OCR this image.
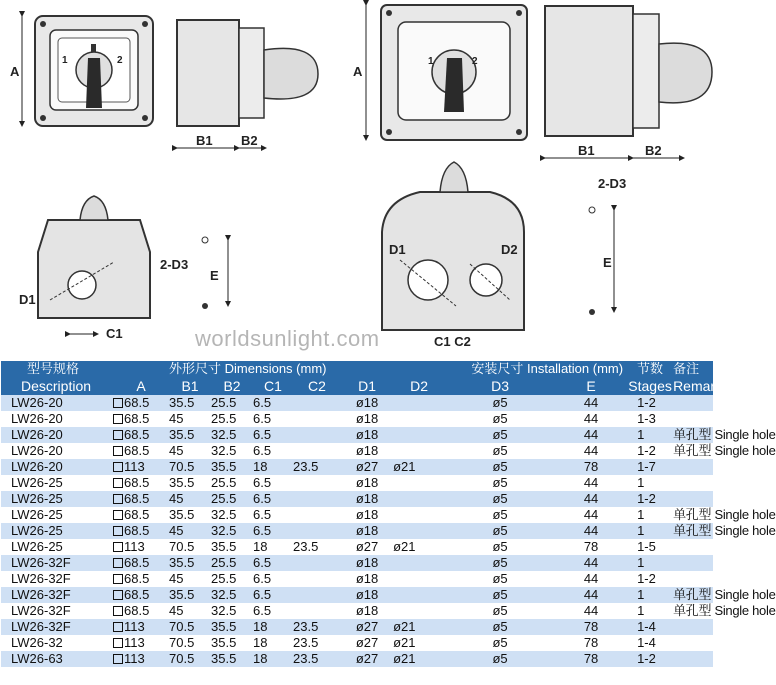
A
1	2
B1 B2
A
1	2
B1	B2
D1
2-D3
E
C1
D1	D2
2-D3
E
C1 C2
worldsunlight.com
型号规格		外形尺寸 Dimensions (mm)						安装尺寸 Installation (mm)		节数	备注
Description	A	B1	B2	C1	C2	D1	D2	D3	E	Stages	Remarks
LW26-20	68.5	35.5	25.5	6.5		ø18		ø5	44	1-2	
LW26-20	68.5	45	25.5	6.5		ø18		ø5	44	1-3	
LW26-20	68.5	35.5	32.5	6.5		ø18		ø5	44	1	单孔型 Single hole
LW26-20	68.5	45	32.5	6.5		ø18		ø5	44	1-2	单孔型 Single hole
LW26-20	113	70.5	35.5	18	23.5	ø27	ø21	ø5	78	1-7	
LW26-25	68.5	35.5	25.5	6.5		ø18		ø5	44	1	
LW26-25	68.5	45	25.5	6.5		ø18		ø5	44	1-2	
LW26-25	68.5	35.5	32.5	6.5		ø18		ø5	44	1	单孔型 Single hole
LW26-25	68.5	45	32.5	6.5		ø18		ø5	44	1	单孔型 Single hole
LW26-25	113	70.5	35.5	18	23.5	ø27	ø21	ø5	78	1-5	
LW26-32F	68.5	35.5	25.5	6.5		ø18		ø5	44	1	
LW26-32F	68.5	45	25.5	6.5		ø18		ø5	44	1-2	
LW26-32F	68.5	35.5	32.5	6.5		ø18		ø5	44	1	单孔型 Single hole
LW26-32F	68.5	45	32.5	6.5		ø18		ø5	44	1	单孔型 Single hole
LW26-32F	113	70.5	35.5	18	23.5	ø27	ø21	ø5	78	1-4	
LW26-32	113	70.5	35.5	18	23.5	ø27	ø21	ø5	78	1-4	
LW26-63	113	70.5	35.5	18	23.5	ø27	ø21	ø5	78	1-2	
